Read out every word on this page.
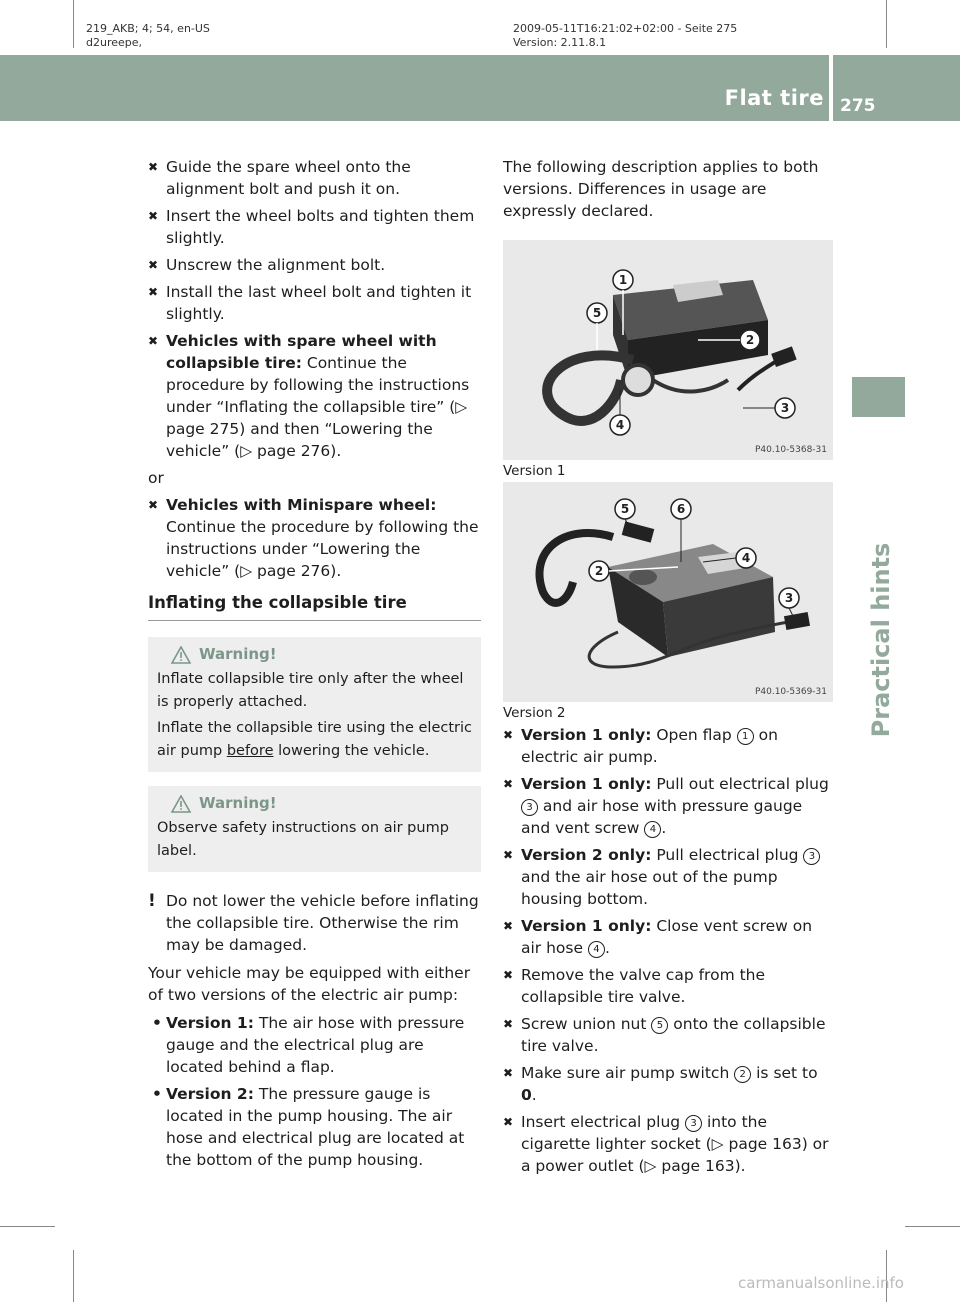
219_AKB; 4; 54, en-US
d2ureepe,
2009-05-11T16:21:02+02:00 - Seite 275
Version: 2.11.8.1
Flat tire 275
Practical hints
✖ Guide the spare wheel onto the alignment bolt and push it on.
✖ Insert the wheel bolts and tighten them slightly.
✖ Unscrew the alignment bolt.
✖ Install the last wheel bolt and tighten it slightly.
✖ Vehicles with spare wheel with collapsible tire: Continue the procedure by following the instructions under “Inflating the collapsible tire” (▷ page 275) and then “Lowering the vehicle” (▷ page 276).

or

✖ Vehicles with Minispare wheel: Continue the procedure by following the instructions under “Lowering the vehicle” (▷ page 276).
Inflating the collapsible tire
Warning!

Inflate collapsible tire only after the wheel is properly attached.

Inflate the collapsible tire using the electric air pump before lowering the vehicle.

Warning!

Observe safety instructions on air pump label.

! Do not lower the vehicle before inflating the collapsible tire. Otherwise the rim may be damaged.

Your vehicle may be equipped with either of two versions of the electric air pump:

• Version 1: The air hose with pressure gauge and the electrical plug are located behind a flap.
• Version 2: The pressure gauge is located in the pump housing. The air hose and electrical plug are located at the bottom of the pump housing.

The following description applies to both versions. Differences in usage are expressly declared.

1
2
3
4
5
P40.10-5368-31

Version 1

5	6
2
4
3
P40.10-5369-31

Version 2

✖ Version 1 only: Open flap 1 on electric air pump.
✖ Version 1 only: Pull out electrical plug 3 and air hose with pressure gauge and vent screw 4 .
✖ Version 2 only: Pull electrical plug 3 and the air hose out of the pump housing bottom.
✖ Version 1 only: Close vent screw on air hose 4 .
✖ Remove the valve cap from the collapsible tire valve.
✖ Screw union nut 5 onto the collapsible tire valve.
✖ Make sure air pump switch 2 is set to 0.
✖ Insert electrical plug 3 into the cigarette lighter socket (▷ page 163) or a power outlet (▷ page 163).
carmanualsonline.info
